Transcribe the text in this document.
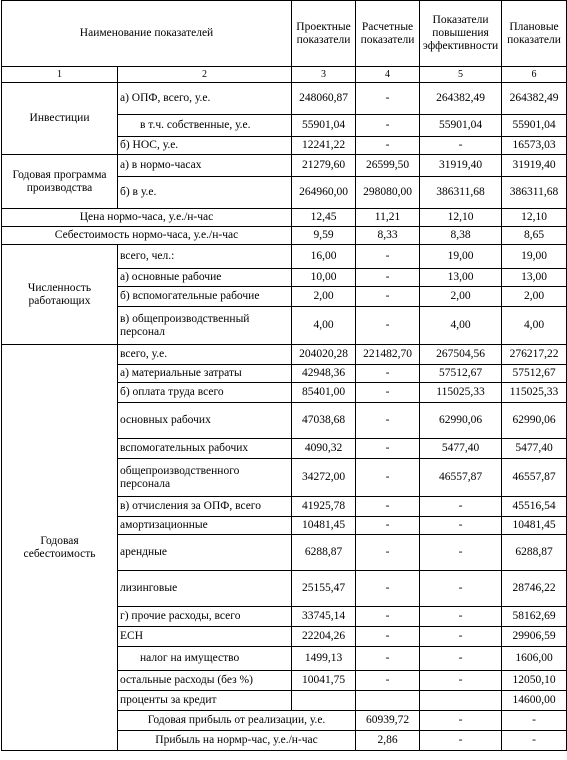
Наименование показателей		Проектные показатели	Расчетные показатели	Показатели повышения эффективности	Плановые показатели	
1	2	3	4	5	6	
Инвестиции	а) ОПФ, всего, у.е.	248060,87	-	264382,49	264382,49	
	в т.ч. собственные, у.е.	55901,04	-	55901,04	55901,04	
	б) НОС, у.е.	12241,22	-	-	16573,03	
Годовая программа производства	а) в нормо-часах	21279,60	26599,50	31919,40	31919,40	
	б) в у.е.	264960,00	298080,00	386311,68	386311,68	
Цена нормо-часа, у.е./н-час		12,45	11,21	12,10	12,10	
Себестоимость нормо-часа, у.е./н-час		9,59	8,33	8,38	8,65	
Численность работающих	всего, чел.:	16,00	-	19,00	19,00	
	а) основные рабочие	10,00	-	13,00	13,00	
	б) вспомогательные рабочие	2,00	-	2,00	2,00	
	в) общепроизводственный персонал	4,00	-	4,00	4,00	
Годовая себестоимость	всего, у.е.	204020,28	221482,70	267504,56	276217,22	
	а) материальные затраты	42948,36	-	57512,67	57512,67	
	б) оплата труда всего	85401,00	-	115025,33	115025,33	
	основных рабочих	47038,68	-	62990,06	62990,06	
	вспомогательных рабочих	4090,32	-	5477,40	5477,40	
	общепроизводственного персонала	34272,00	-	46557,87	46557,87	
	в) отчисления за ОПФ, всего	41925,78	-	-	45516,54	
	амортизационные	10481,45	-	-	10481,45	
	арендные	6288,87	-	-	6288,87	
	лизинговые	25155,47	-	-	28746,22	
	г) прочие расходы, всего	33745,14	-	-	58162,69	
	ЕСН	22204,26	-	-	29906,59	
	налог на имущество	1499,13	-	-	1606,00	
	остальные расходы (без %)	10041,75	-	-	12050,10	
	проценты за кредит				14600,00	
	Годовая прибыль от реализации, у.е.		60939,72	-	-	
	Прибыль на нормр-час, у.е./н-час		2,86	-	-	
